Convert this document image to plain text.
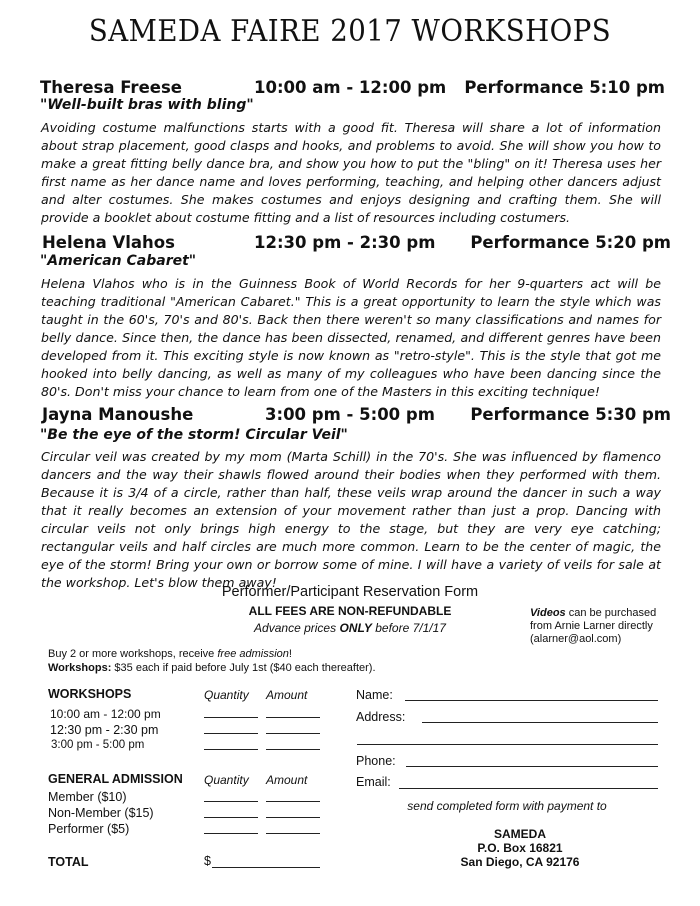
SAMEDA FAIRE 2017 WORKSHOPS
Theresa Freese	10:00 am - 12:00 pm Performance 5:10 pm
"Well-built bras with bling"
Avoiding costume malfunctions starts with a good fit. Theresa will share a lot of information about strap placement, good clasps and hooks, and problems to avoid. She will show you how to make a great fitting belly dance bra, and show you how to put the "bling" on it! Theresa uses her first name as her dance name and loves performing, teaching, and helping other dancers adjust and alter costumes. She makes costumes and enjoys designing and crafting them. She will provide a booklet about costume fitting and a list of resources including costumers.
Helena Vlahos	12:30 pm - 2:30 pm Performance 5:20 pm
"American Cabaret"
Helena Vlahos who is in the Guinness Book of World Records for her 9-quarters act will be teaching traditional "American Cabaret." This is a great opportunity to learn the style which was taught in the 60's, 70's and 80's. Back then there weren't so many classifications and names for belly dance. Since then, the dance has been dissected, renamed, and different genres have been developed from it. This exciting style is now known as "retro-style". This is the style that got me hooked into belly dancing, as well as many of my colleagues who have been dancing since the 80's. Don't miss your chance to learn from one of the Masters in this exciting technique!
Jayna Manoushe	3:00 pm - 5:00 pm Performance 5:30 pm
"Be the eye of the storm! Circular Veil"
Circular veil was created by my mom (Marta Schill) in the 70's. She was influenced by flamenco dancers and the way their shawls flowed around their bodies when they performed with them. Because it is 3/4 of a circle, rather than half, these veils wrap around the dancer in such a way that it really becomes an extension of your movement rather than just a prop. Dancing with circular veils not only brings high energy to the stage, but they are very eye catching; rectangular veils and half circles are much more common. Learn to be the center of magic, the eye of the storm! Bring your own or borrow some of mine. I will have a variety of veils for sale at the workshop. Let's blow them away!
Performer/Participant Reservation Form
ALL FEES ARE NON-REFUNDABLE
Advance prices ONLY before 7/1/17
Videos can be purchased
from Arnie Larner directly
(alarner@aol.com)
Buy 2 or more workshops, receive free admission!
Workshops: $35 each if paid before July 1st ($40 each thereafter).
WORKSHOPS	Quantity Amount
10:00 am - 12:00 pm
12:30 pm - 2:30 pm
3:00 pm - 5:00 pm
GENERAL ADMISSION Quantity Amount
Member ($10)
Non-Member ($15)
Performer ($5)
TOTAL	$
Name:
Address:
Phone:
Email:
send completed form with payment to
SAMEDA
P.O. Box 16821
San Diego, CA 92176
